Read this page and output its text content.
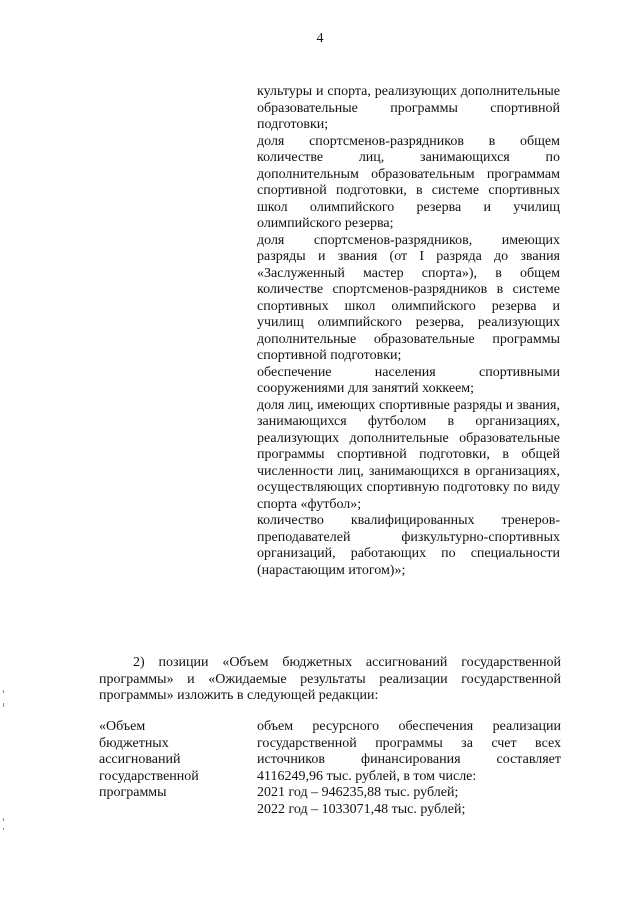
4

культуры и спорта, реализующих дополнительные образовательные программы спортивной подготовки;

доля спортсменов-разрядников в общем количестве лиц, занимающихся по дополнительным образовательным программам спортивной подготовки, в системе спортивных школ олимпийского резерва и училищ олимпийского резерва;

доля спортсменов-разрядников, имеющих разряды и звания (от I разряда до звания «Заслуженный мастер спорта»), в общем количестве спортсменов-разрядников в системе спортивных школ олимпийского резерва и училищ олимпийского резерва, реализующих дополнительные образовательные программы спортивной подготовки;

обеспечение населения спортивными сооружениями для занятий хоккеем;

доля лиц, имеющих спортивные разряды и звания, занимающихся футболом в организациях, реализующих дополнительные образовательные программы спортивной подготовки, в общей численности лиц, занимающихся в организациях, осуществляющих спортивную подготовку по виду спорта «футбол»;

количество квалифицированных тренеров-преподавателей физкультурно-спортивных организаций, работающих по специальности (нарастающим итогом)»;

2) позиции «Объем бюджетных ассигнований государственной программы» и «Ожидаемые результаты реализации государственной программы» изложить в следующей редакции:

«Объем
бюджетных
ассигнований
государственной
программы

объем ресурсного обеспечения реализации государственной программы за счет всех источников финансирования составляет 4116249,96 тыс. рублей, в том числе:

2021 год – 946235,88 тыс. рублей;

2022 год – 1033071,48 тыс. рублей;
